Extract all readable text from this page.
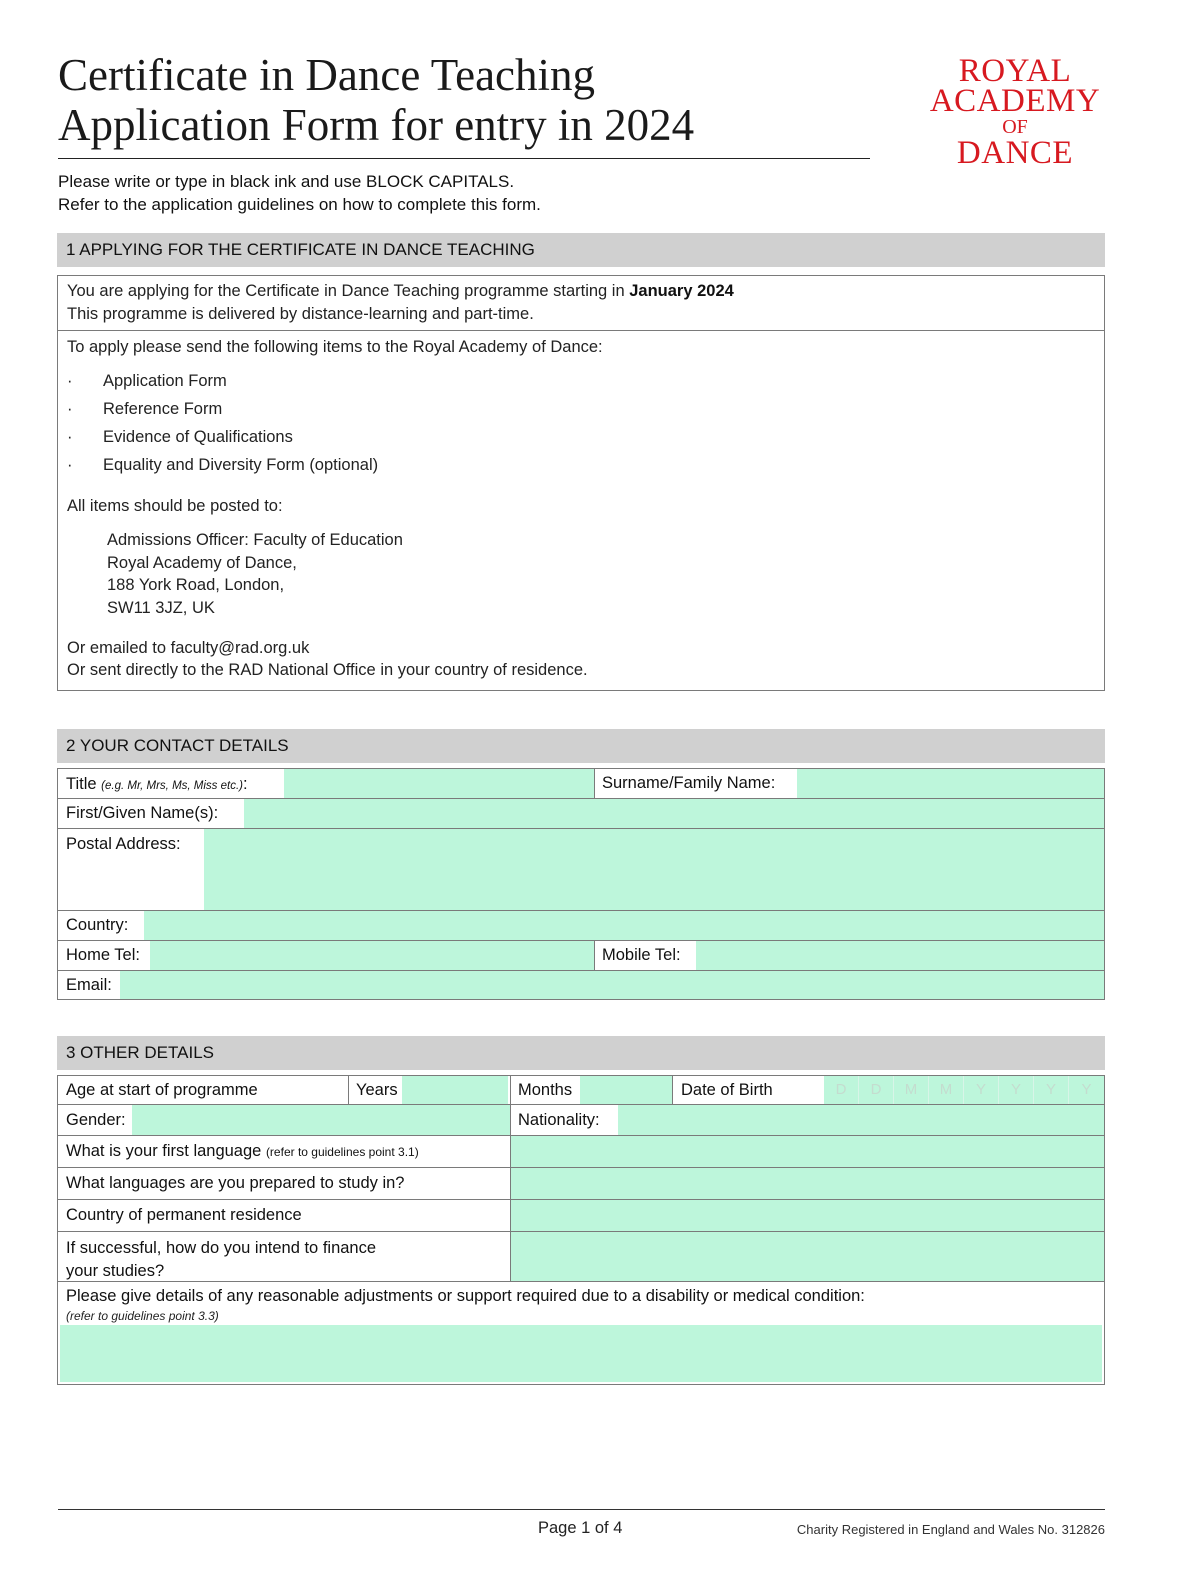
Certificate in Dance Teaching
Application Form for entry in 2024
ROYAL
ACADEMY
OF
DANCE
Please write or type in black ink and use BLOCK CAPITALS.
Refer to the application guidelines on how to complete this form.
1 APPLYING FOR THE CERTIFICATE IN DANCE TEACHING
You are applying for the Certificate in Dance Teaching programme starting in January 2024
This programme is delivered by distance-learning and part-time.
To apply please send the following items to the Royal Academy of Dance:
· Application Form
· Reference Form
· Evidence of Qualifications
· Equality and Diversity Form (optional)
All items should be posted to:
Admissions Officer: Faculty of Education
Royal Academy of Dance,
188 York Road, London,
SW11 3JZ, UK
Or emailed to faculty@rad.org.uk
Or sent directly to the RAD National Office in your country of residence.
2 YOUR CONTACT DETAILS
Title (e.g. Mr, Mrs, Ms, Miss etc.):	Surname/Family Name:
First/Given Name(s):
Postal Address:
Country:
Home Tel:	Mobile Tel:
Email:
3 OTHER DETAILS
Age at start of programme	Years	Months	Date of Birth	D	D	M	M	Y	Y	Y	Y
Gender:	Nationality:
What is your first language (refer to guidelines point 3.1)
What languages are you prepared to study in?
Country of permanent residence
If successful, how do you intend to finance
your studies?
Please give details of any reasonable adjustments or support required due to a disability or medical condition:
(refer to guidelines point 3.3)
Page 1 of 4	Charity Registered in England and Wales No. 312826
